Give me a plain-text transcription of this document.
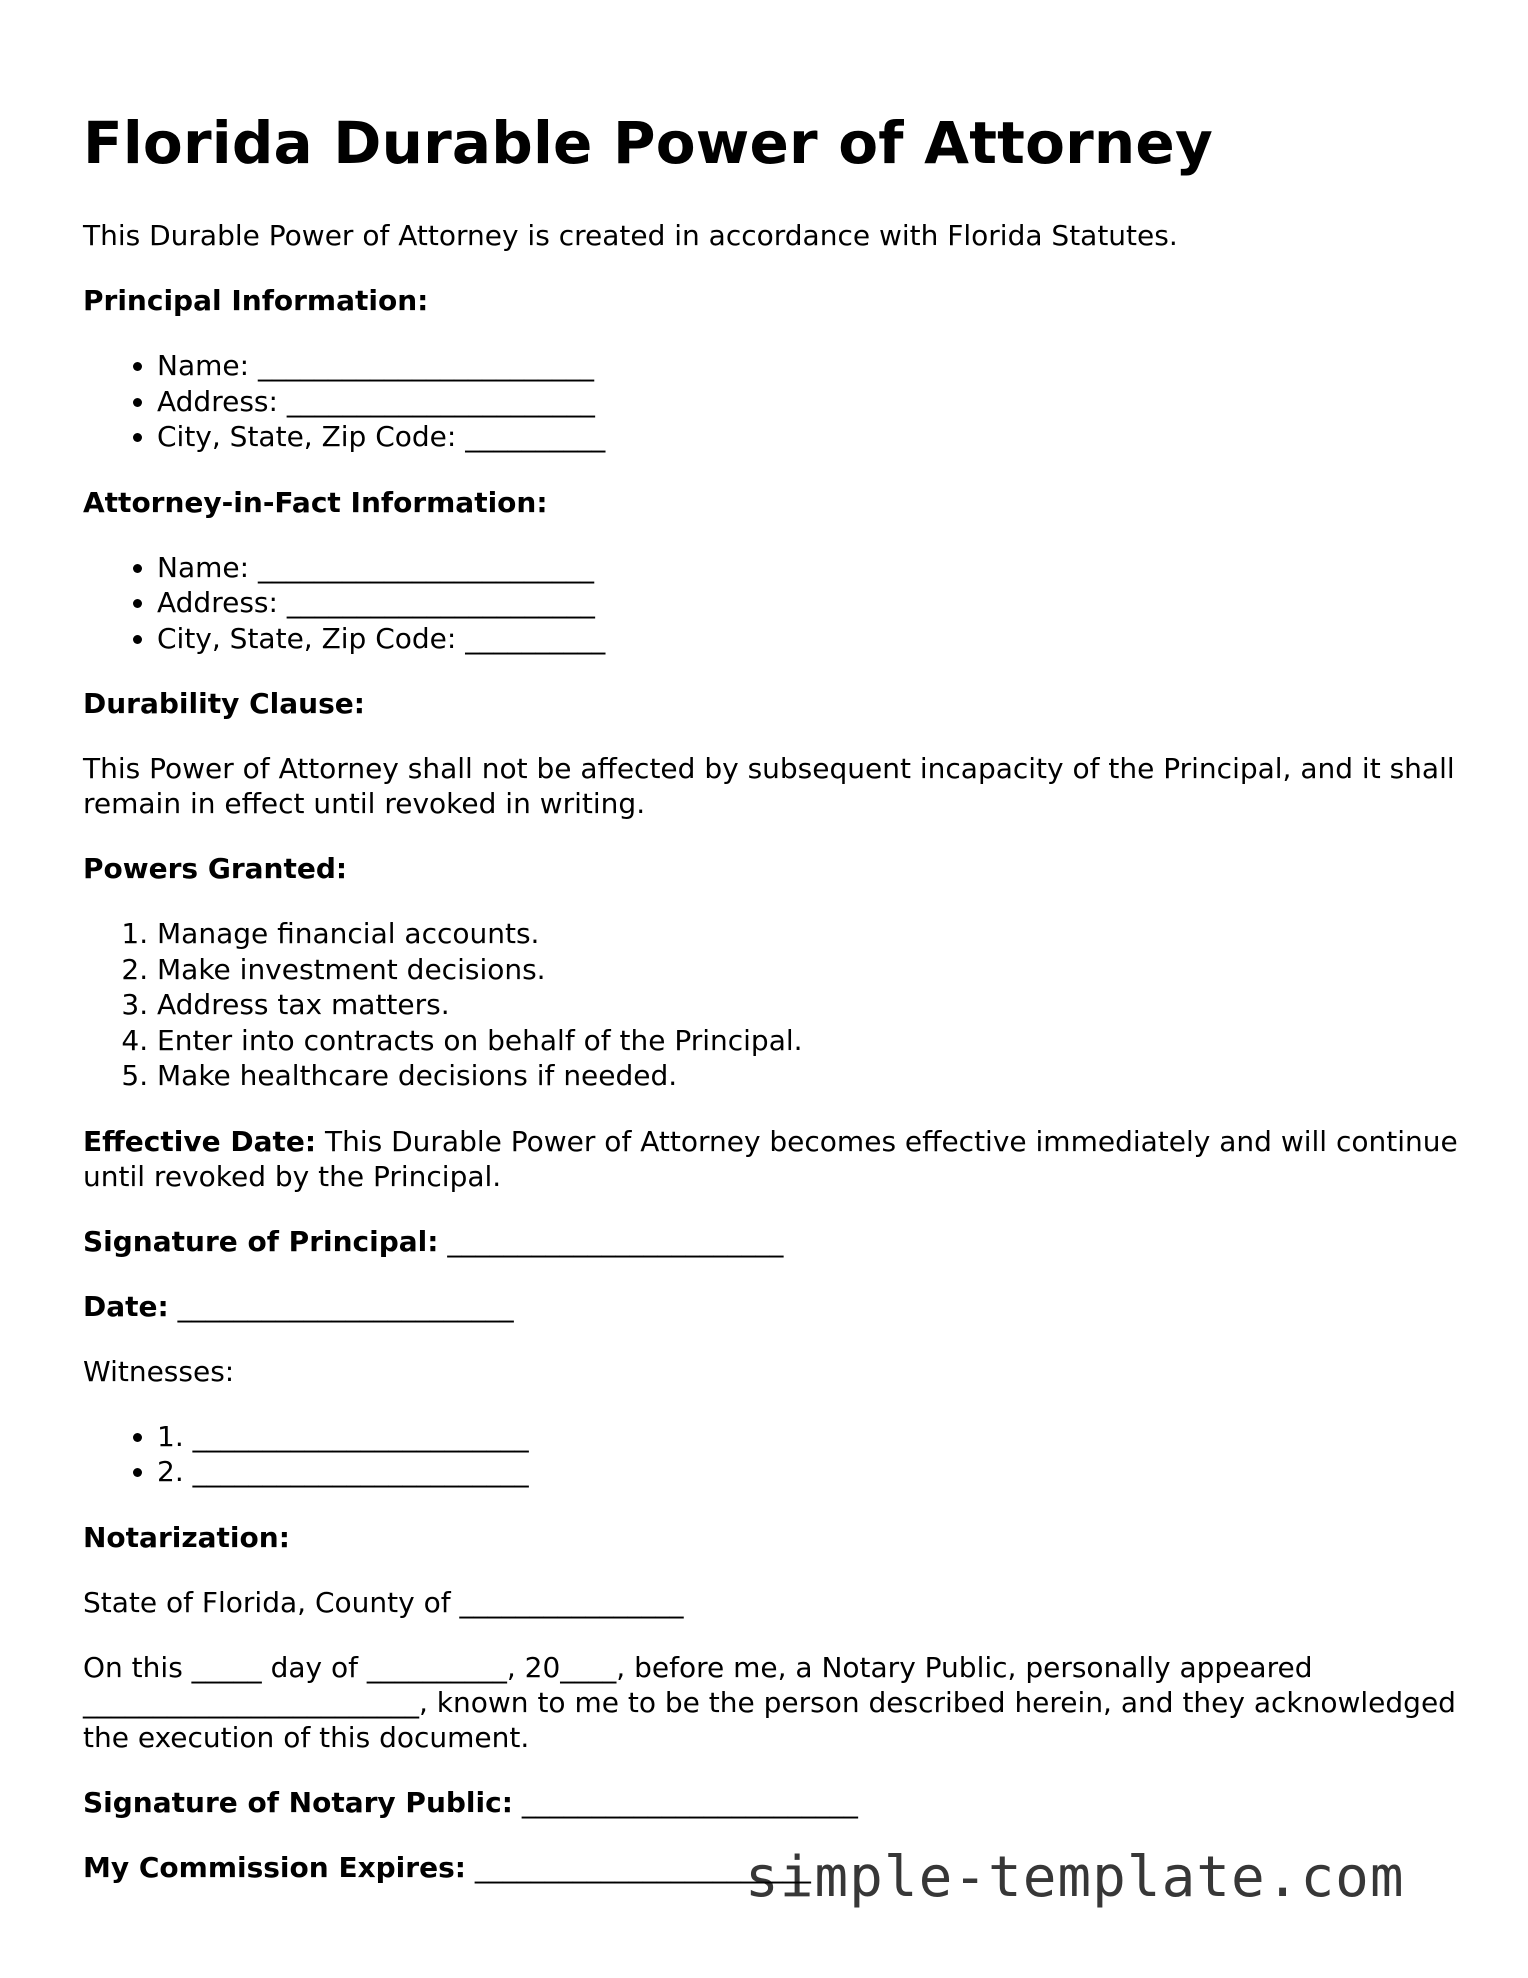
Florida Durable Power of Attorney

This Durable Power of Attorney is created in accordance with Florida Statutes.

Principal Information:

• Name: ________________________
• Address: ______________________
• City, State, Zip Code: __________

Attorney-in-Fact Information:

• Name: ________________________
• Address: ______________________
• City, State, Zip Code: __________

Durability Clause:

This Power of Attorney shall not be affected by subsequent incapacity of the Principal, and it shall remain in effect until revoked in writing.

Powers Granted:

1. Manage financial accounts.
2. Make investment decisions.
3. Address tax matters.
4. Enter into contracts on behalf of the Principal.
5. Make healthcare decisions if needed.

Effective Date: This Durable Power of Attorney becomes effective immediately and will continue until revoked by the Principal.

Signature of Principal: ________________________

Date: ________________________

Witnesses:

• 1. ________________________
• 2. ________________________

Notarization:

State of Florida, County of ________________

On this _____ day of __________, 20____, before me, a Notary Public, personally appeared ________________________, known to me to be the person described herein, and they acknowledged the execution of this document.

Signature of Notary Public: ________________________

My Commission Expires: ________________________

simple-template.com
